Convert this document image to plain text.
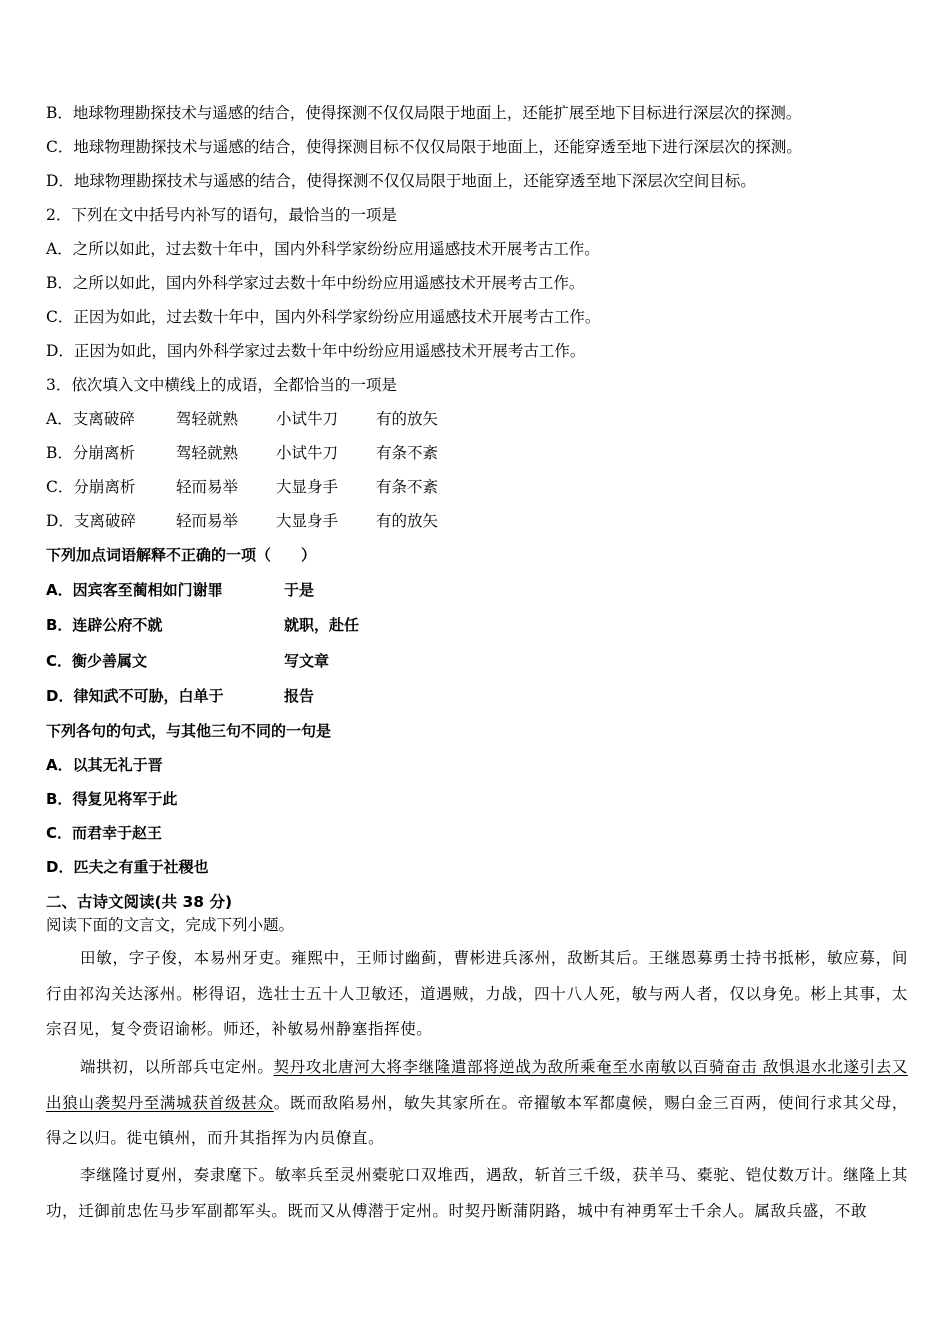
B．地球物理勘探技术与遥感的结合，使得探测不仅仅局限于地面上，还能扩展至地下目标进行深层次的探测。
C．地球物理勘探技术与遥感的结合，使得探测目标不仅仅局限于地面上，还能穿透至地下进行深层次的探测。
D．地球物理勘探技术与遥感的结合，使得探测不仅仅局限于地面上，还能穿透至地下深层次空间目标。
2．下列在文中括号内补写的语句，最恰当的一项是
A．之所以如此，过去数十年中，国内外科学家纷纷应用遥感技术开展考古工作。
B．之所以如此，国内外科学家过去数十年中纷纷应用遥感技术开展考古工作。
C．正因为如此，过去数十年中，国内外科学家纷纷应用遥感技术开展考古工作。
D．正因为如此，国内外科学家过去数十年中纷纷应用遥感技术开展考古工作。
3．依次填入文中横线上的成语，全都恰当的一项是
A．支离破碎	驾轻就熟 小试牛刀 有的放矢
B．分崩离析	驾轻就熟 小试牛刀 有条不紊
C．分崩离析	轻而易举 大显身手 有条不紊
D．支离破碎	轻而易举 大显身手 有的放矢
下列加点词语解释不正确的一项（　　）
A．因宾客至蔺相如门谢罪	于是
B．连辟公府不就	就职，赴任
C．衡少善属文	写文章
D．律知武不可胁，白单于	报告
下列各句的句式，与其他三句不同的一句是
A．以其无礼于晋
B．得复见将军于此
C．而君幸于赵王
D．匹夫之有重于社稷也
二、古诗文阅读(共 38 分)
阅读下面的文言文，完成下列小题。
田敏，字子俊，本易州牙吏。雍熙中，王师讨幽蓟，曹彬进兵涿州，敌断其后。王继恩募勇士持书抵彬，敏应募，间行由祁沟关达涿州。彬得诏，选壮士五十人卫敏还，道遇贼，力战，四十八人死，敏与两人者，仅以身免。彬上其事，太宗召见，复令赍诏谕彬。师还，补敏易州静塞指挥使。
端拱初，以所部兵屯定州。契丹攻北唐河大将李继隆遣部将逆战为敌所乘奄至水南敏以百骑奋击 敌惧退水北遂引去又出狼山袭契丹至满城获首级甚众。既而敌陷易州，敏失其家所在。帝擢敏本军都虞候，赐白金三百两，使间行求其父母，得之以归。徙屯镇州，而升其指挥为内员僚直。
李继隆讨夏州，奏隶麾下。敏率兵至灵州橐驼口双堆西，遇敌，斩首三千级，获羊马、橐驼、铠仗数万计。继隆上其功，迁御前忠佐马步军副都军头。既而又从傅潜于定州。时契丹断蒲阴路，城中有神勇军士千余人。属敌兵盛，不敢
